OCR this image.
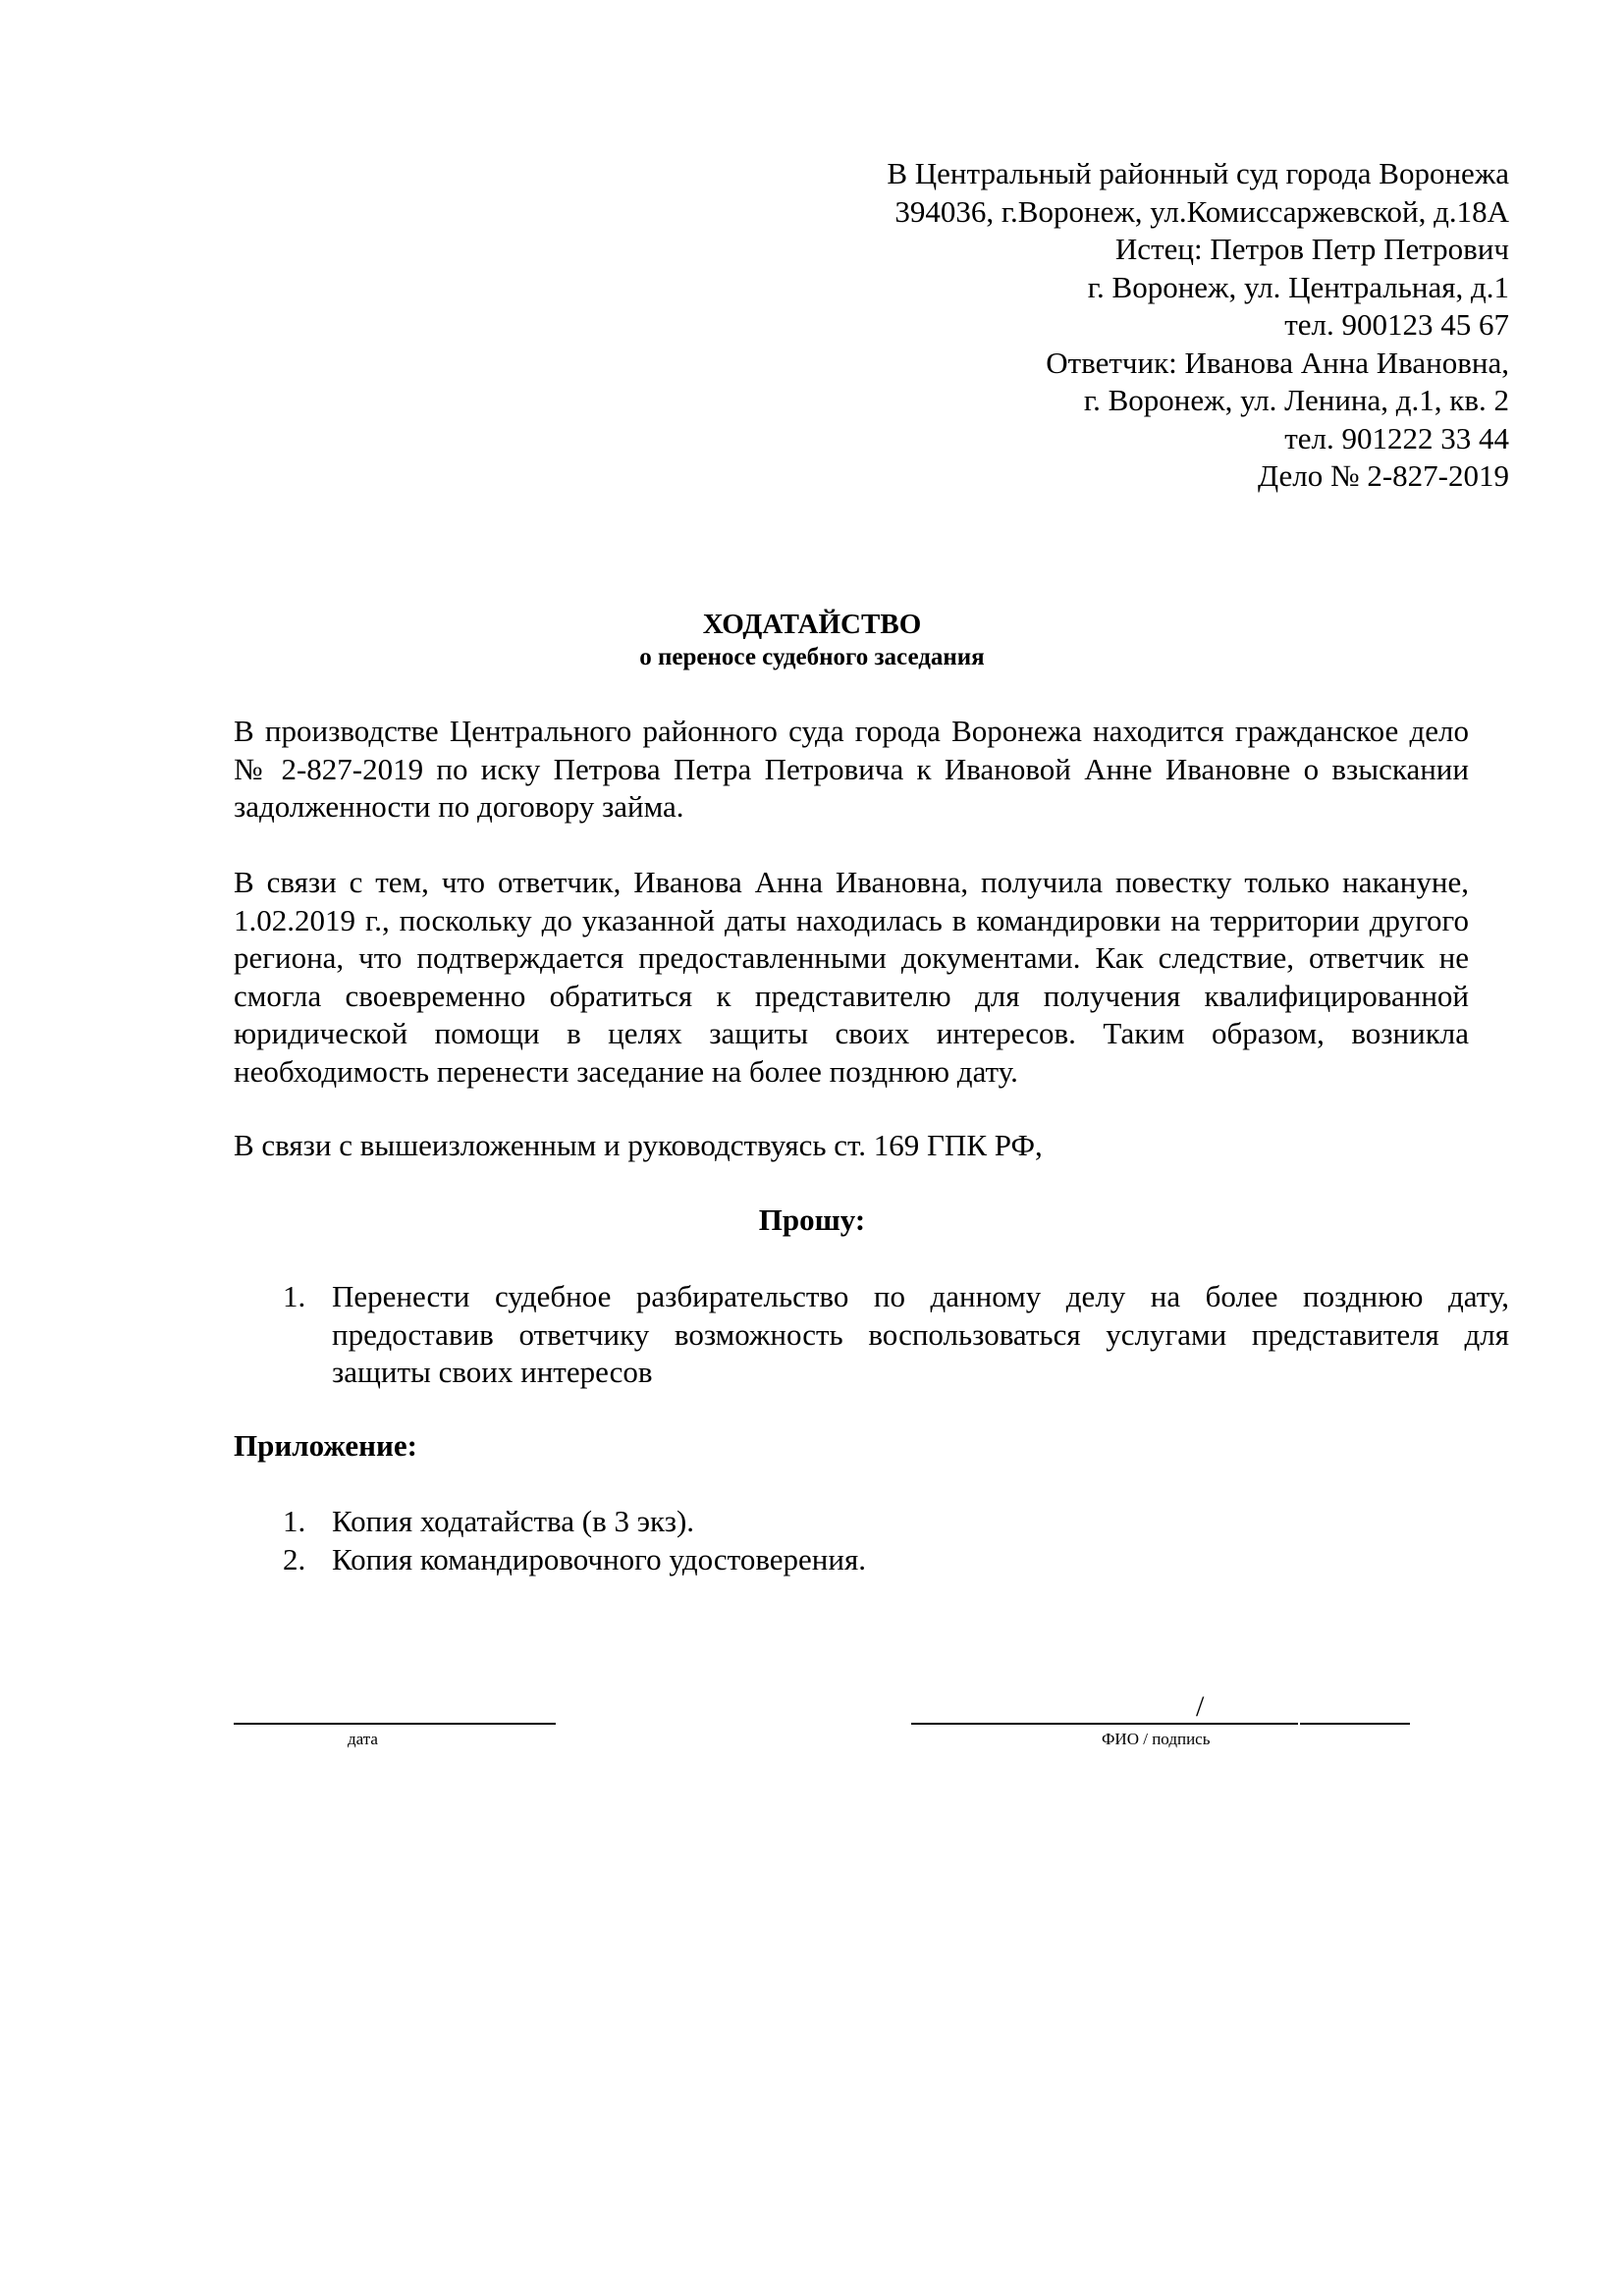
В Центральный районный суд города Воронежа
394036, г.Воронеж, ул.Комиссаржевской, д.18А
Истец: Петров Петр Петрович
г. Воронеж, ул. Центральная, д.1
тел. 900123 45 67
Ответчик: Иванова Анна Ивановна,
г. Воронеж, ул. Ленина, д.1, кв. 2
тел. 901222 33 44
Дело № 2-827-2019
ХОДАТАЙСТВО
о переносе судебного заседания
В производстве Центрального районного суда города Воронежа находится гражданское дело № 2-827-2019 по иску Петрова Петра Петровича к Ивановой Анне Ивановне о взыскании задолженности по договору займа.
В связи с тем, что ответчик, Иванова Анна Ивановна, получила повестку только накануне, 1.02.2019 г., поскольку до указанной даты находилась в командировки на территории другого региона, что подтверждается предоставленными документами. Как следствие, ответчик не смогла своевременно обратиться к представителю для получения квалифицированной юридической помощи в целях защиты своих интересов. Таким образом, возникла необходимость перенести заседание на более позднюю дату.
В связи с вышеизложенным и руководствуясь ст. 169 ГПК РФ,
Прошу:
1. Перенести судебное разбирательство по данному делу на более позднюю дату, предоставив ответчику возможность воспользоваться услугами представителя для защиты своих интересов
Приложение:
1. Копия ходатайства (в 3 экз).
2. Копия командировочного удостоверения.
/
дата	ФИО / подпись
